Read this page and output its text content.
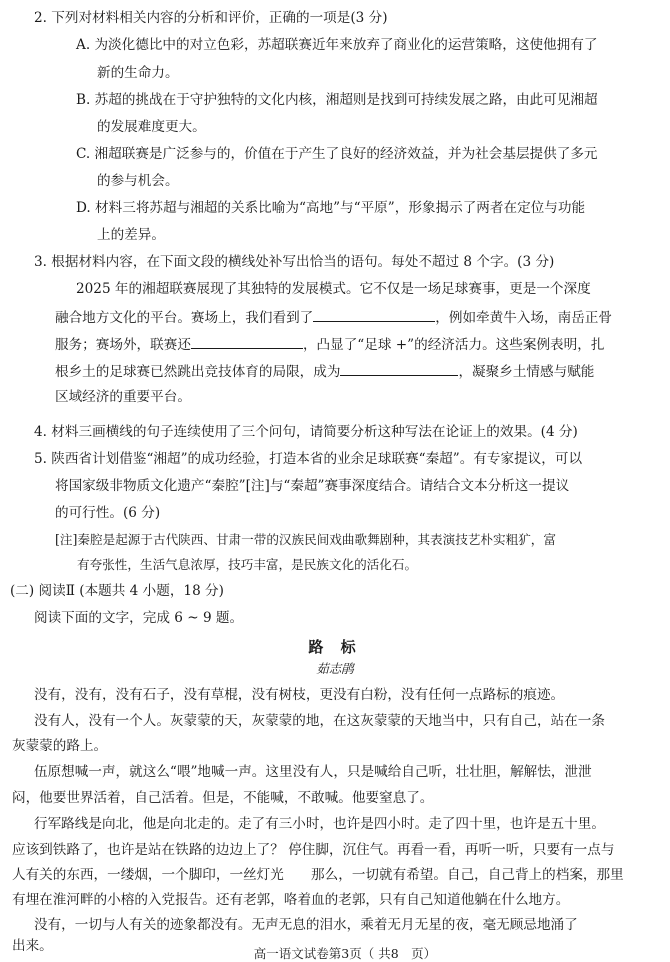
2. 下列对材料相关内容的分析和评价，正确的一项是(3 分)
A. 为淡化德比中的对立色彩，苏超联赛近年来放弃了商业化的运营策略，这使他拥有了
新的生命力。
B. 苏超的挑战在于守护独特的文化内核，湘超则是找到可持续发展之路，由此可见湘超
的发展难度更大。
C. 湘超联赛是广泛参与的，价值在于产生了良好的经济效益，并为社会基层提供了多元
的参与机会。
D. 材料三将苏超与湘超的关系比喻为“高地”与“平原”，形象揭示了两者在定位与功能
上的差异。
3. 根据材料内容，在下面文段的横线处补写出恰当的语句。每处不超过 8 个字。(3 分)
2025 年的湘超联赛展现了其独特的发展模式。它不仅是一场足球赛事，更是一个深度
融合地方文化的平台。赛场上，我们看到了	，例如牵黄牛入场，南岳正骨
服务；赛场外，联赛还	，凸显了“足球 +”的经济活力。这些案例表明，扎
根乡土的足球赛已然跳出竞技体育的局限，成为	，凝聚乡土情感与赋能
区域经济的重要平台。
4. 材料三画横线的句子连续使用了三个问句，请简要分析这种写法在论证上的效果。(4 分)
5. 陕西省计划借鉴“湘超”的成功经验，打造本省的业余足球联赛“秦超”。有专家提议，可以
将国家级非物质文化遗产“秦腔”[注]与“秦超”赛事深度结合。请结合文本分析这一提议
的可行性。(6 分)
[注]秦腔是起源于古代陕西、甘肃一带的汉族民间戏曲歌舞剧种，其表演技艺朴实粗犷，富
有夸张性，生活气息浓厚，技巧丰富，是民族文化的活化石。
(二) 阅读Ⅱ (本题共 4 小题，18 分)
阅读下面的文字，完成 6 ~ 9 题。
路 标
茹志鹃
没有，没有，没有石子，没有草棍，没有树枝，更没有白粉，没有任何一点路标的痕迹。
没有人，没有一个人。灰蒙蒙的天，灰蒙蒙的地，在这灰蒙蒙的天地当中，只有自己，站在一条
灰蒙蒙的路上。
伍原想喊一声，就这么“喂”地喊一声。这里没有人，只是喊给自己听，壮壮胆，解解怯，泄泄
闷，他要世界活着，自己活着。但是，不能喊，不敢喊。他要窒息了。
行军路线是向北，他是向北走的。走了有三小时，也许是四小时。走了四十里，也许是五十里。
应该到铁路了，也许是站在铁路的边边上了？ 停住脚，沉住气。再看一看，再听一听，只要有一点与
人有关的东西，一缕烟，一个脚印，一丝灯光　　那么，一切就有希望。自己，自己背上的档案，那里
有埋在淮河畔的小榕的入党报告。还有老郭，咯着血的老郭，只有自己知道他躺在什么地方。
没有，一切与人有关的迹象都没有。无声无息的泪水，乘着无月无星的夜，毫无顾忌地涌了
出来。	高一语文试卷第3页（ 共8　页）
